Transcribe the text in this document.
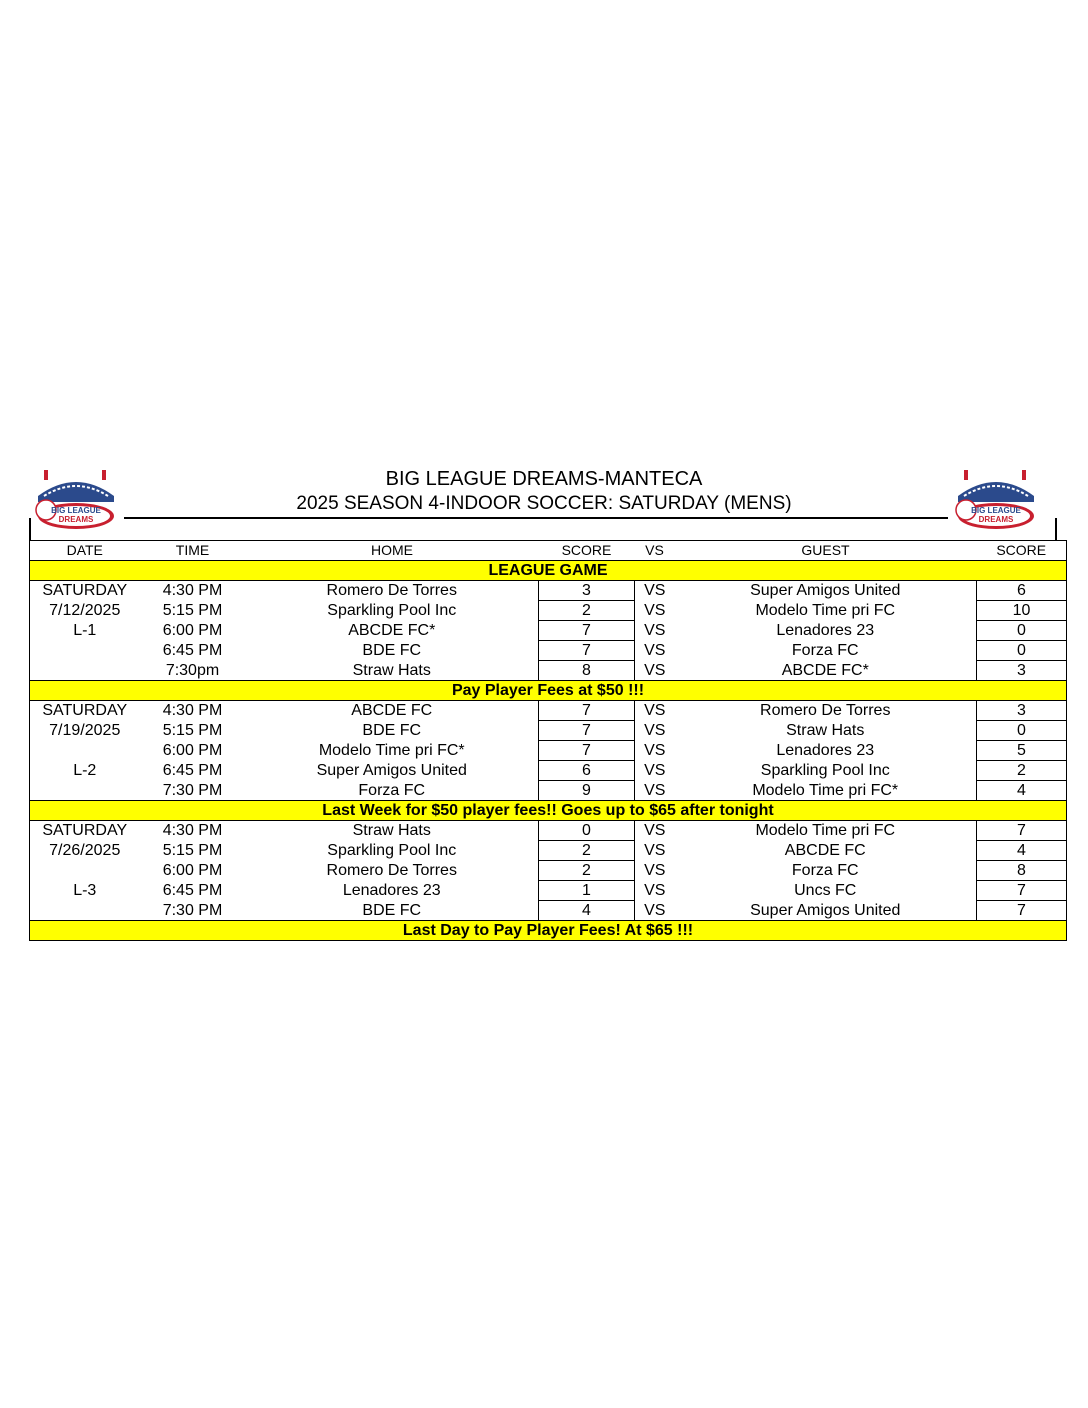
BIG LEAGUE DREAMS-MANTECA
2025 SEASON 4-INDOOR SOCCER: SATURDAY (MENS)
BIG LEAGUE
DREAMS
BIG LEAGUE
DREAMS
DATE	TIME	HOME	SCORE	VS	GUEST	SCORE
LEAGUE GAME						
SATURDAY	4:30 PM	Romero De Torres	3	VS	Super Amigos United	6
7/12/2025	5:15 PM	Sparkling Pool Inc	2	VS	Modelo Time pri FC	10
L-1	6:00 PM	ABCDE FC*	7	VS	Lenadores 23	0
	6:45 PM	BDE FC	7	VS	Forza FC	0
	7:30pm	Straw Hats	8	VS	ABCDE FC*	3
Pay Player Fees at $50 !!!						
SATURDAY	4:30 PM	ABCDE FC	7	VS	Romero De Torres	3
7/19/2025	5:15 PM	BDE FC	7	VS	Straw Hats	0
	6:00 PM	Modelo Time pri FC*	7	VS	Lenadores 23	5
L-2	6:45 PM	Super Amigos United	6	VS	Sparkling Pool Inc	2
	7:30 PM	Forza FC	9	VS	Modelo Time pri FC*	4
Last Week for $50 player fees!! Goes up to $65 after tonight						
SATURDAY	4:30 PM	Straw Hats	0	VS	Modelo Time pri FC	7
7/26/2025	5:15 PM	Sparkling Pool Inc	2	VS	ABCDE FC	4
	6:00 PM	Romero De Torres	2	VS	Forza FC	8
L-3	6:45 PM	Lenadores 23	1	VS	Uncs FC	7
	7:30 PM	BDE FC	4	VS	Super Amigos United	7
Last Day to Pay Player Fees! At $65 !!!						
